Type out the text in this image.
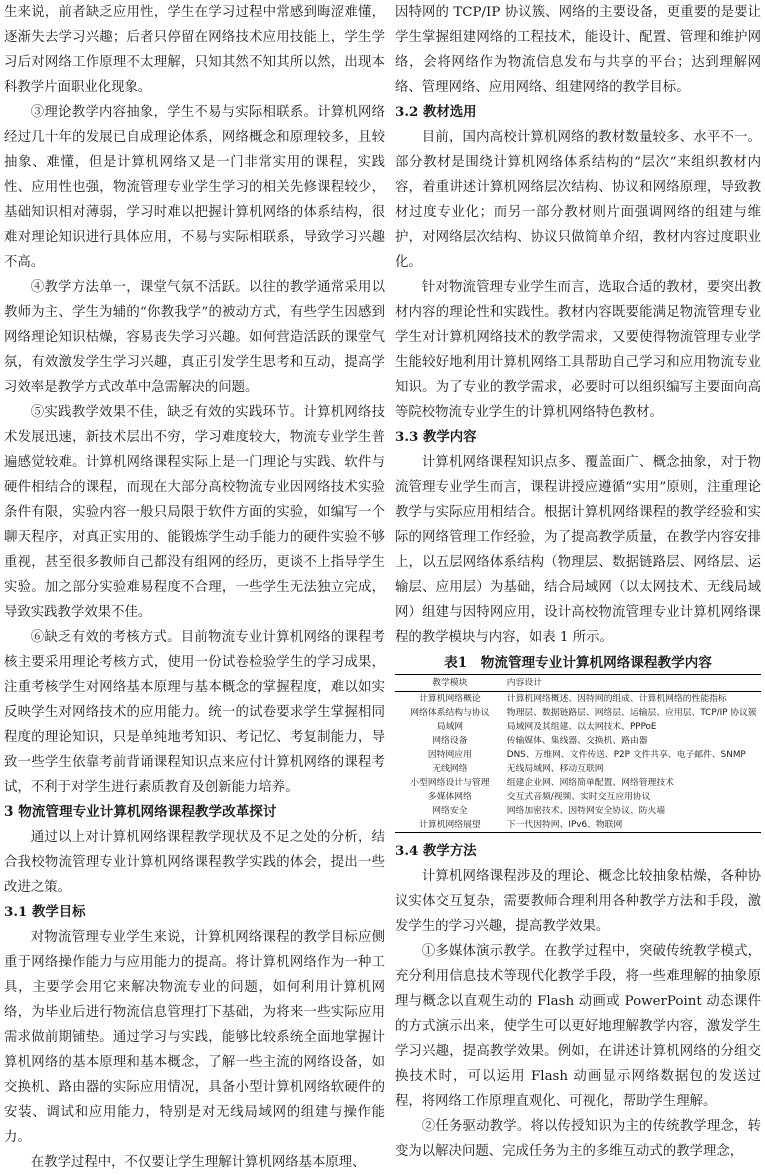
生来说，前者缺乏应用性，学生在学习过程中常感到晦涩难懂，逐渐失去学习兴趣；后者只停留在网络技术应用技能上，学生学习后对网络工作原理不太理解，只知其然不知其所以然，出现本科教学片面职业化现象。

③理论教学内容抽象，学生不易与实际相联系。计算机网络经过几十年的发展已自成理论体系，网络概念和原理较多，且较抽象、难懂，但是计算机网络又是一门非常实用的课程，实践性、应用性也强，物流管理专业学生学习的相关先修课程较少，基础知识相对薄弱，学习时难以把握计算机网络的体系结构，很难对理论知识进行具体应用，不易与实际相联系，导致学习兴趣不高。

④教学方法单一，课堂气氛不活跃。以往的教学通常采用以教师为主、学生为辅的“你教我学”的被动方式，有些学生因感到网络理论知识枯燥，容易丧失学习兴趣。如何营造活跃的课堂气氛，有效激发学生学习兴趣，真正引发学生思考和互动，提高学习效率是教学方式改革中急需解决的问题。

⑤实践教学效果不佳，缺乏有效的实践环节。计算机网络技术发展迅速，新技术层出不穷，学习难度较大，物流专业学生普遍感觉较难。计算机网络课程实际上是一门理论与实践、软件与硬件相结合的课程，而现在大部分高校物流专业因网络技术实验条件有限，实验内容一般只局限于软件方面的实验，如编写一个聊天程序，对真正实用的、能锻炼学生动手能力的硬件实验不够重视，甚至很多教师自己都没有组网的经历，更谈不上指导学生实验。加之部分实验难易程度不合理，一些学生无法独立完成，导致实践教学效果不佳。

⑥缺乏有效的考核方式。目前物流专业计算机网络的课程考核主要采用理论考核方式，使用一份试卷检验学生的学习成果，注重考核学生对网络基本原理与基本概念的掌握程度，难以如实反映学生对网络技术的应用能力。统一的试卷要求学生掌握相同程度的理论知识，只是单纯地考知识、考记忆、考复制能力，导致一些学生依靠考前背诵课程知识点来应付计算机网络的课程考试，不利于对学生进行素质教育及创新能力培养。

3 物流管理专业计算机网络课程教学改革探讨

通过以上对计算机网络课程教学现状及不足之处的分析，结合我校物流管理专业计算机网络课程教学实践的体会，提出一些改进之策。

3.1 教学目标

对物流管理专业学生来说，计算机网络课程的教学目标应侧重于网络操作能力与应用能力的提高。将计算机网络作为一种工具，主要学会用它来解决物流专业的问题，如何利用计算机网络，为毕业后进行物流信息管理打下基础，为将来一些实际应用需求做前期铺垫。通过学习与实践，能够比较系统全面地掌握计算机网络的基本原理和基本概念，了解一些主流的网络设备，如交换机、路由器的实际应用情况，具备小型计算机网络软硬件的安装、调试和应用能力，特别是对无线局域网的组建与操作能力。

在教学过程中，不仅要让学生理解计算机网络基本原理、

因特网的 TCP/IP 协议簇、网络的主要设备，更重要的是要让学生掌握组建网络的工程技术，能设计、配置、管理和维护网络，会将网络作为物流信息发布与共享的平台；达到理解网络、管理网络、应用网络、组建网络的教学目标。

3.2 教材选用

目前，国内高校计算机网络的教材数量较多、水平不一。部分教材是围绕计算机网络体系结构的“层次”来组织教材内容，着重讲述计算机网络层次结构、协议和网络原理，导致教材过度专业化；而另一部分教材则片面强调网络的组建与维护，对网络层次结构、协议只做简单介绍，教材内容过度职业化。

针对物流管理专业学生而言，选取合适的教材，要突出教材内容的理论性和实践性。教材内容既要能满足物流管理专业学生对计算机网络技术的教学需求，又要使得物流管理专业学生能较好地利用计算机网络工具帮助自己学习和应用物流专业知识。为了专业的教学需求，必要时可以组织编写主要面向高等院校物流专业学生的计算机网络特色教材。

3.3 教学内容

计算机网络课程知识点多、覆盖面广、概念抽象，对于物流管理专业学生而言，课程讲授应遵循“实用”原则，注重理论教学与实际应用相结合。根据计算机网络课程的教学经验和实际的网络管理工作经验，为了提高教学质量，在教学内容安排上，以五层网络体系结构（物理层、数据链路层、网络层、运输层、应用层）为基础，结合局域网（以太网技术、无线局域网）组建与因特网应用，设计高校物流管理专业计算机网络课程的教学模块与内容，如表 1 所示。

表1　物流管理专业计算机网络课程教学内容
教学模块	内容设计
计算机网络概论	计算机网络概述、因特网的组成、计算机网络的性能指标
网络体系结构与协议	物理层、数据链路层、网络层、运输层、应用层、TCP/IP 协议簇
局域网	局域网及其组建、以太网技术、PPPoE
网络设备	传输媒体、集线器、交换机、路由器
因特网应用	DNS、万维网、文件传送、P2P 文件共享、电子邮件、SNMP
无线网络	无线局域网、移动互联网
小型网络设计与管理	组建企业网、网络简单配置、网络管理技术
多媒体网络	交互式音频/视频、实时交互应用协议
网络安全	网络加密技术、因特网安全协议、防火墙
计算机网络展望	下一代因特网、IPv6、物联网
3.4 教学方法

计算机网络课程涉及的理论、概念比较抽象枯燥，各种协议实体交互复杂，需要教师合理利用各种教学方法和手段，激发学生的学习兴趣，提高教学效果。

①多媒体演示教学。在教学过程中，突破传统教学模式，充分利用信息技术等现代化教学手段，将一些难理解的抽象原理与概念以直观生动的 Flash 动画或 PowerPoint 动态课件的方式演示出来，使学生可以更好地理解教学内容，激发学生学习兴趣，提高教学效果。例如，在讲述计算机网络的分组交换技术时，可以运用 Flash 动画显示网络数据包的发送过程，将网络工作原理直观化、可视化，帮助学生理解。

②任务驱动教学。将以传授知识为主的传统教学理念，转变为以解决问题、完成任务为主的多维互动式的教学理念，
